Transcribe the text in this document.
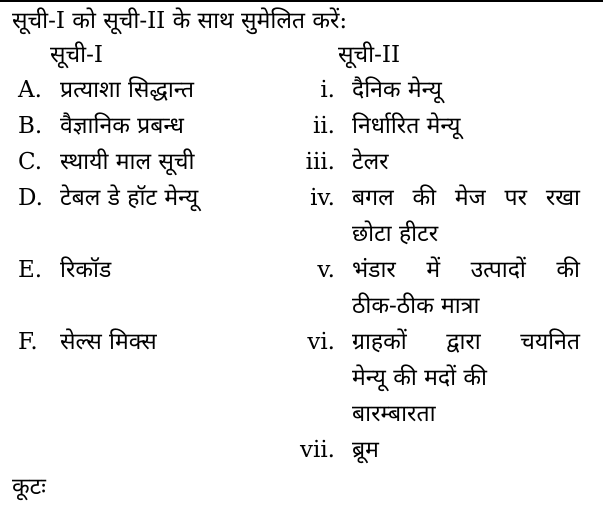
सूची-I को सूची-II के साथ सुमेलित करें:
सूची-I	सूची-II
A. प्रत्याशा सिद्धान्त	i. दैनिक मेन्यू
B. वैज्ञानिक प्रबन्ध	ii. निर्धारित मेन्यू
C. स्थायी माल सूची	iii. टेलर
D. टेबल डे हॉट मेन्यू	iv. बगल की मेज पर रखा
छोटा हीटर
E. रिकॉड	v. भंडार में उत्पादों की
ठीक-ठीक मात्रा
F. सेल्स मिक्स	vi. ग्राहकों द्वारा चयनित
मेन्यू की मदों की
बारम्बारता
vii. ब्रूम
कूटः
